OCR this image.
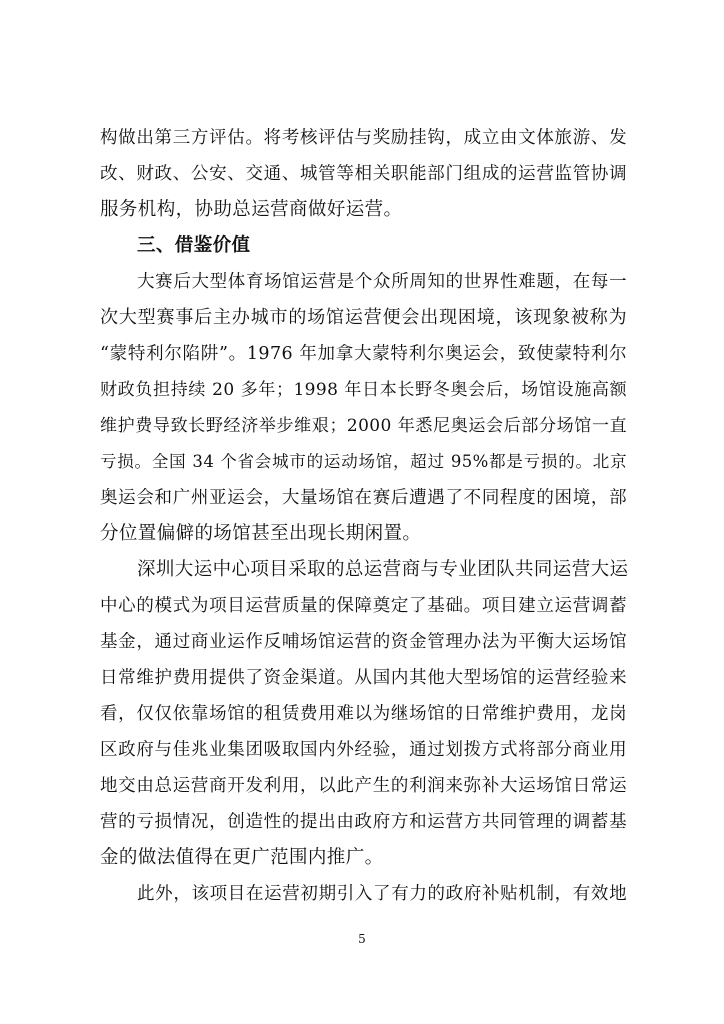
构做出第三方评估。将考核评估与奖励挂钩，成立由文体旅游、发
改、财政、公安、交通、城管等相关职能部门组成的运营监管协调
服务机构，协助总运营商做好运营。
三、借鉴价值
大赛后大型体育场馆运营是个众所周知的世界性难题，在每一
次大型赛事后主办城市的场馆运营便会出现困境，该现象被称为
“蒙特利尔陷阱”。1976 年加拿大蒙特利尔奥运会，致使蒙特利尔
财政负担持续 20 多年；1998 年日本长野冬奥会后，场馆设施高额
维护费导致长野经济举步维艰；2000 年悉尼奥运会后部分场馆一直
亏损。全国 34 个省会城市的运动场馆，超过 95%都是亏损的。北京
奥运会和广州亚运会，大量场馆在赛后遭遇了不同程度的困境，部
分位置偏僻的场馆甚至出现长期闲置。
深圳大运中心项目采取的总运营商与专业团队共同运营大运
中心的模式为项目运营质量的保障奠定了基础。项目建立运营调蓄
基金，通过商业运作反哺场馆运营的资金管理办法为平衡大运场馆
日常维护费用提供了资金渠道。从国内其他大型场馆的运营经验来
看，仅仅依靠场馆的租赁费用难以为继场馆的日常维护费用，龙岗
区政府与佳兆业集团吸取国内外经验，通过划拨方式将部分商业用
地交由总运营商开发利用，以此产生的利润来弥补大运场馆日常运
营的亏损情况，创造性的提出由政府方和运营方共同管理的调蓄基
金的做法值得在更广范围内推广。
此外，该项目在运营初期引入了有力的政府补贴机制，有效地
5
